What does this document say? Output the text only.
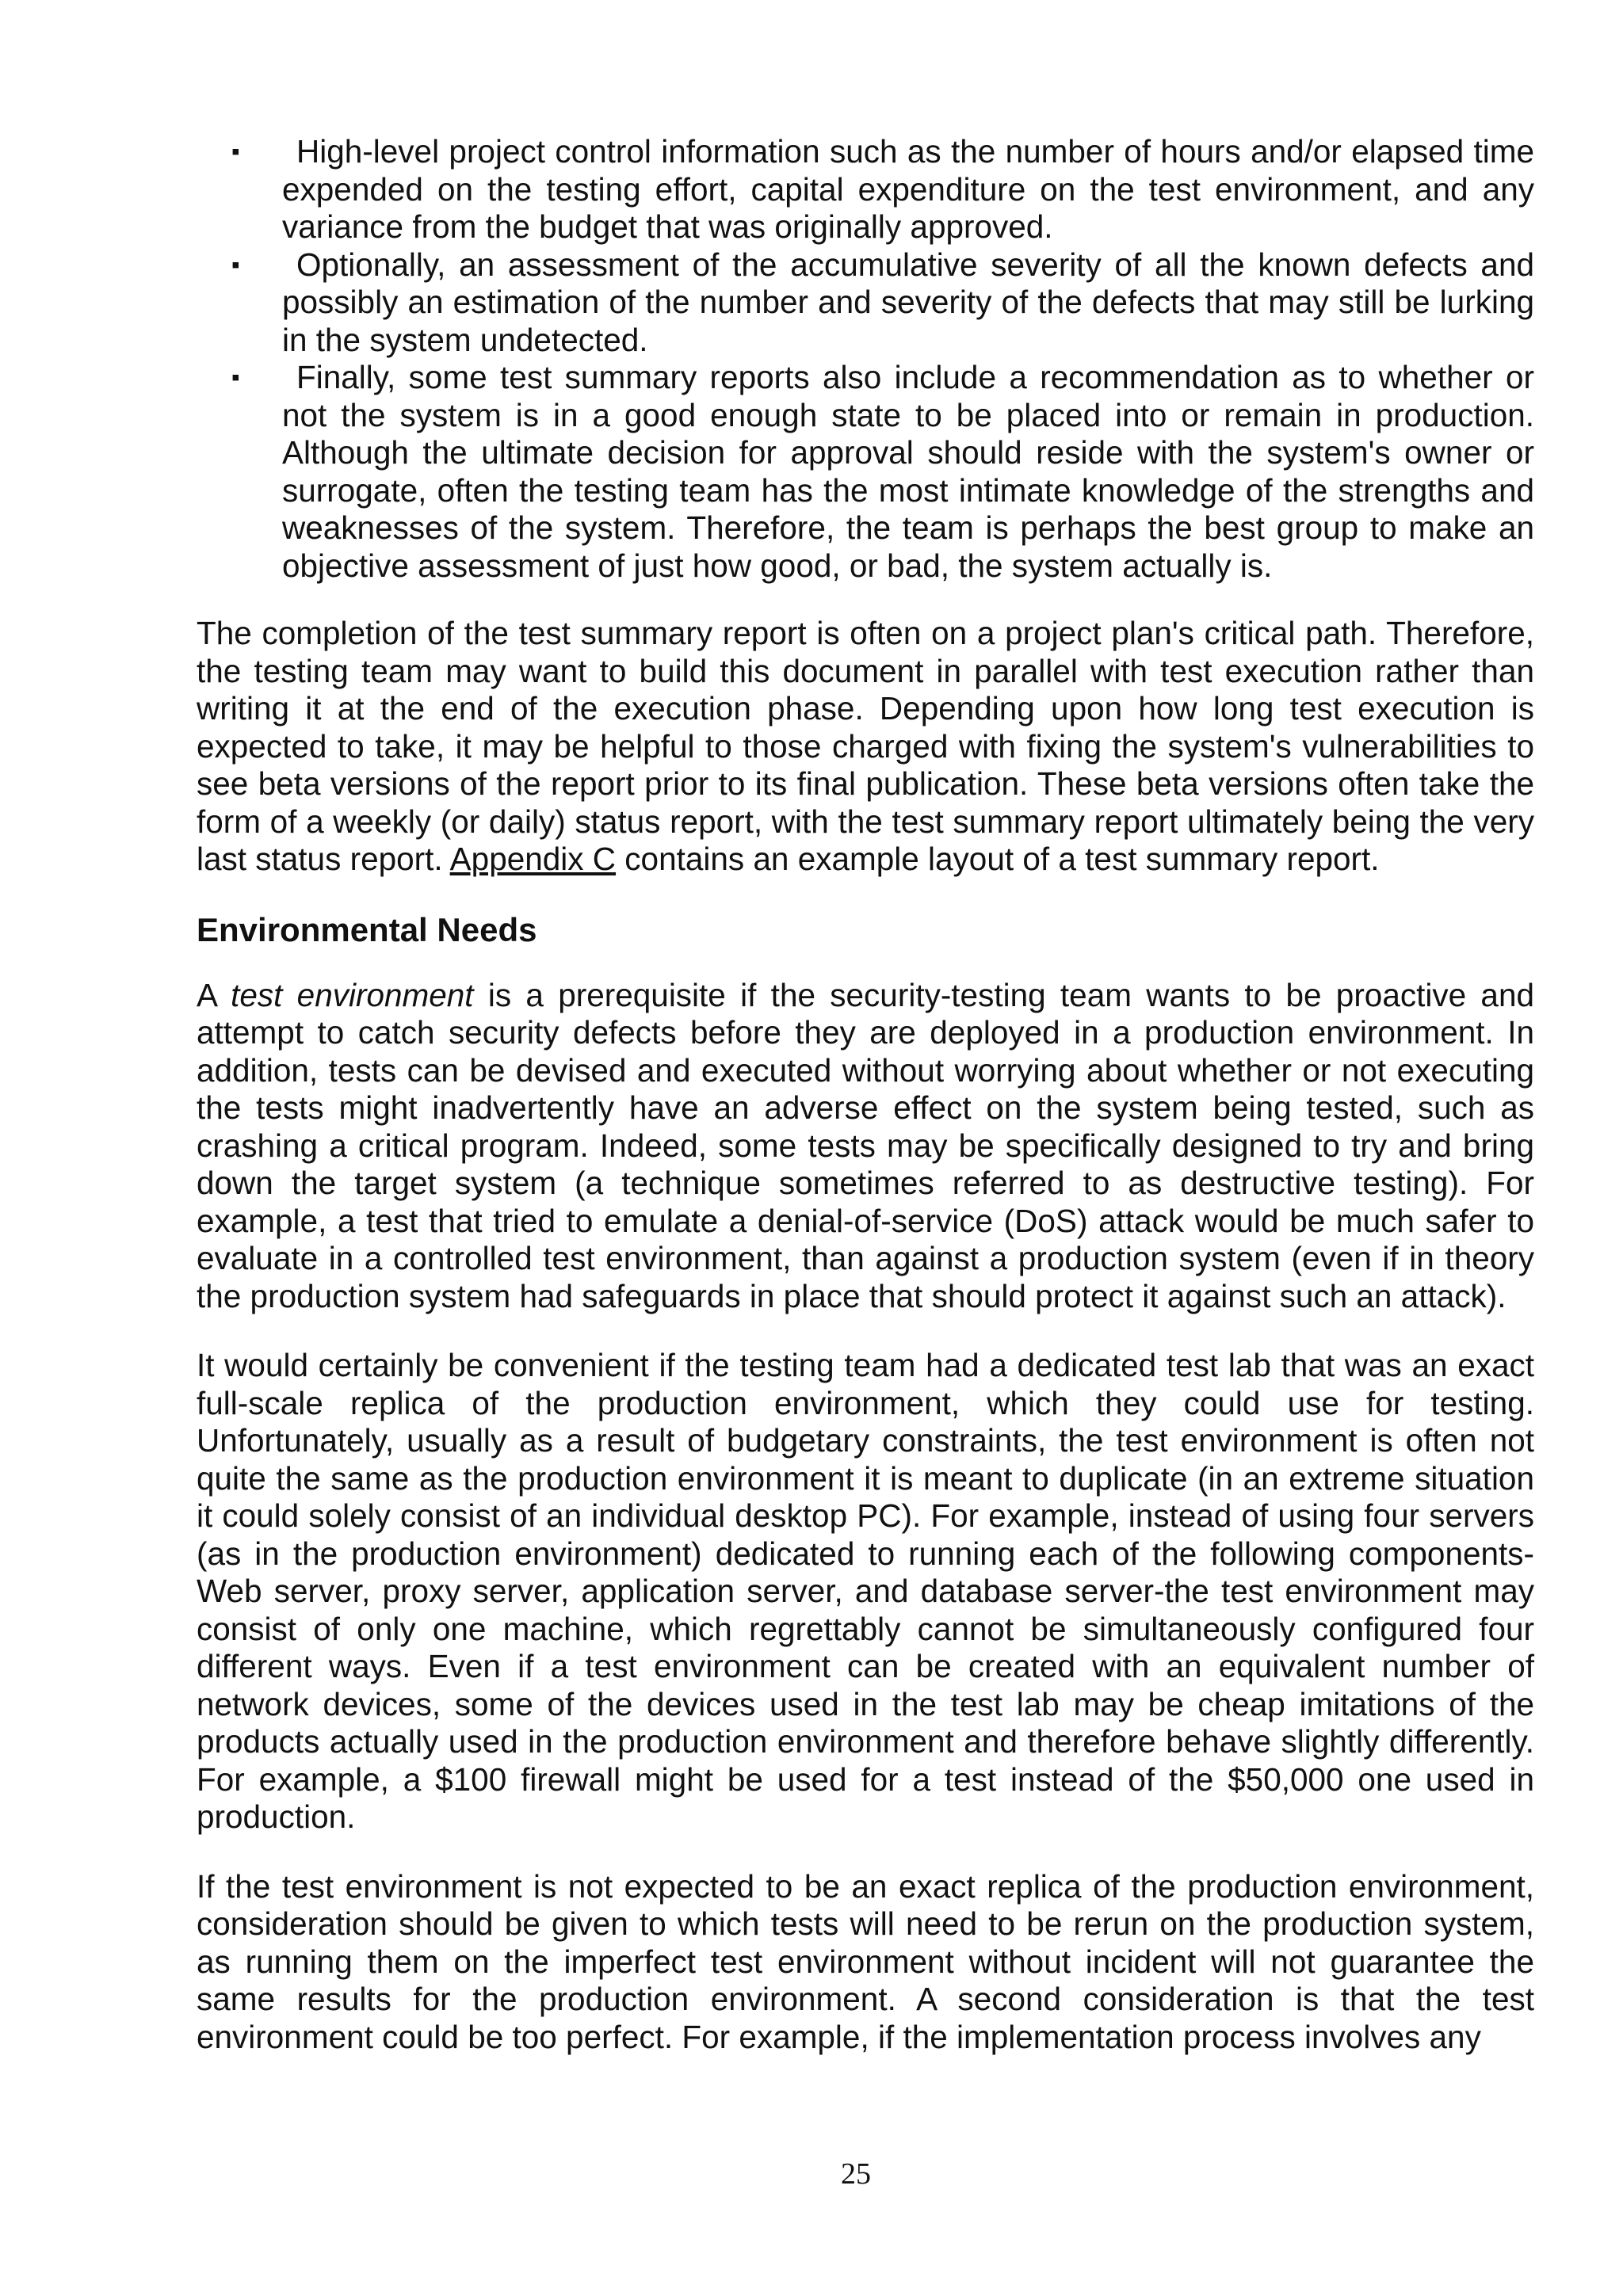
▪ High-level project control information such as the number of hours and/or elapsed time expended on the testing effort, capital expenditure on the test environment, and any variance from the budget that was originally approved.
▪ Optionally, an assessment of the accumulative severity of all the known defects and possibly an estimation of the number and severity of the defects that may still be lurking in the system undetected.
▪ Finally, some test summary reports also include a recommendation as to whether or not the system is in a good enough state to be placed into or remain in production. Although the ultimate decision for approval should reside with the system's owner or surrogate, often the testing team has the most intimate knowledge of the strengths and weaknesses of the system. Therefore, the team is perhaps the best group to make an objective assessment of just how good, or bad, the system actually is.

The completion of the test summary report is often on a project plan's critical path. Therefore, the testing team may want to build this document in parallel with test execution rather than writing it at the end of the execution phase. Depending upon how long test execution is expected to take, it may be helpful to those charged with fixing the system's vulnerabilities to see beta versions of the report prior to its final publication. These beta versions often take the form of a weekly (or daily) status report, with the test summary report ultimately being the very last status report. Appendix C contains an example layout of a test summary report.

Environmental Needs

A test environment is a prerequisite if the security-testing team wants to be proactive and attempt to catch security defects before they are deployed in a production environment. In addition, tests can be devised and executed without worrying about whether or not executing the tests might inadvertently have an adverse effect on the system being tested, such as crashing a critical program. Indeed, some tests may be specifically designed to try and bring down the target system (a technique sometimes referred to as destructive testing). For example, a test that tried to emulate a denial-of-service (DoS) attack would be much safer to evaluate in a controlled test environment, than against a production system (even if in theory the production system had safeguards in place that should protect it against such an attack).

It would certainly be convenient if the testing team had a dedicated test lab that was an exact full-scale replica of the production environment, which they could use for testing. Unfortunately, usually as a result of budgetary constraints, the test environment is often not quite the same as the production environment it is meant to duplicate (in an extreme situation it could solely consist of an individual desktop PC). For example, instead of using four servers (as in the production environment) dedicated to running each of the following components-Web server, proxy server, application server, and database server-the test environment may consist of only one machine, which regrettably cannot be simultaneously configured four different ways. Even if a test environment can be created with an equivalent number of network devices, some of the devices used in the test lab may be cheap imitations of the products actually used in the production environment and therefore behave slightly differently. For example, a $100 firewall might be used for a test instead of the $50,000 one used in production.

If the test environment is not expected to be an exact replica of the production environment, consideration should be given to which tests will need to be rerun on the production system, as running them on the imperfect test environment without incident will not guarantee the same results for the production environment. A second consideration is that the test environment could be too perfect. For example, if the implementation process involves any

25
